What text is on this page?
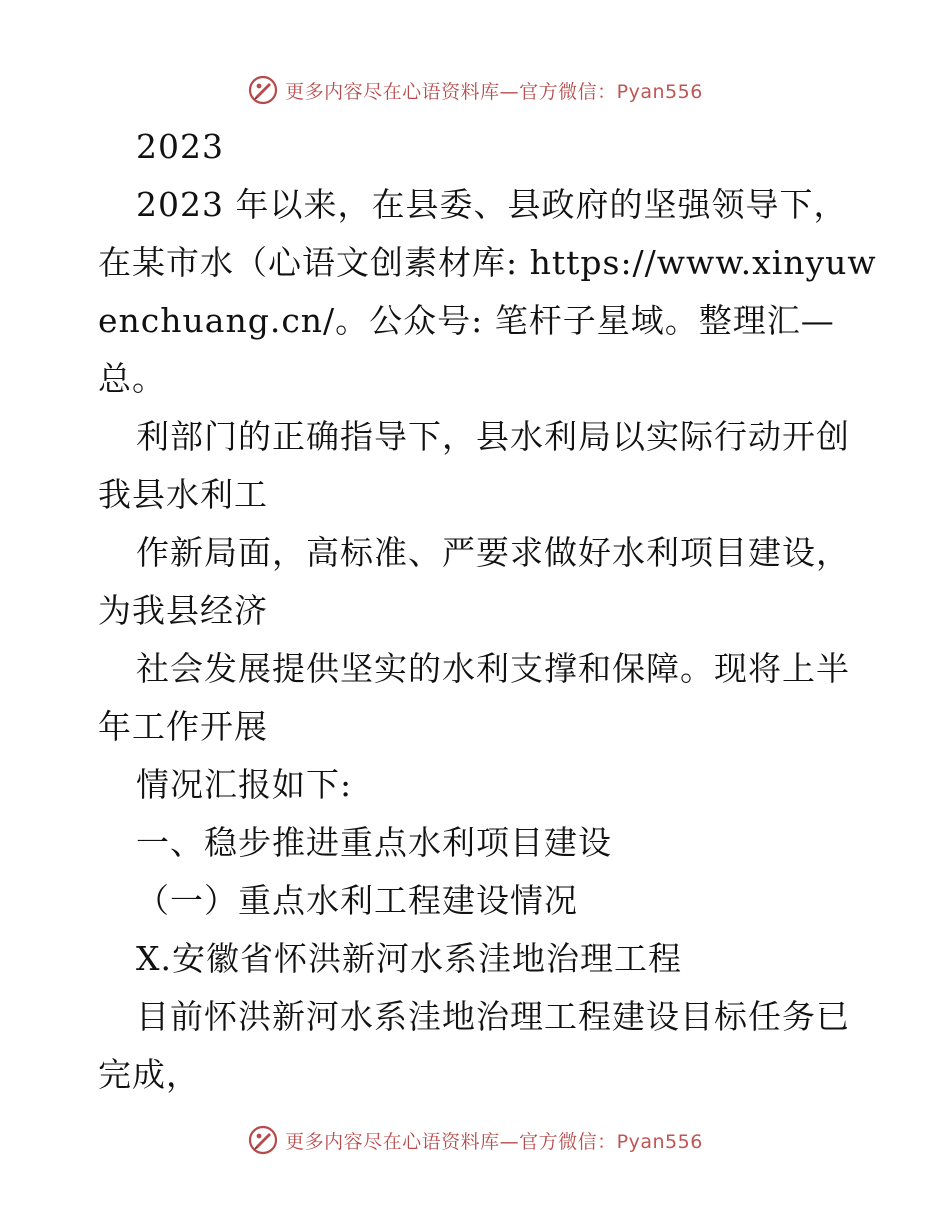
更多内容尽在心语资料库—官方微信：Pyan556
2023
2023 年以来，在县委、县政府的坚强领导下，
在某市水（心语文创素材库: https://www.xinyuw
enchuang.cn/。公众号: 笔杆子星域。整理汇—
总。
利部门的正确指导下，县水利局以实际行动开创
我县水利工
作新局面，高标准、严要求做好水利项目建设，
为我县经济
社会发展提供坚实的水利支撑和保障。现将上半
年工作开展
情况汇报如下:
一、稳步推进重点水利项目建设
（一）重点水利工程建设情况
X.安徽省怀洪新河水系洼地治理工程
目前怀洪新河水系洼地治理工程建设目标任务已
完成，
更多内容尽在心语资料库—官方微信：Pyan556
